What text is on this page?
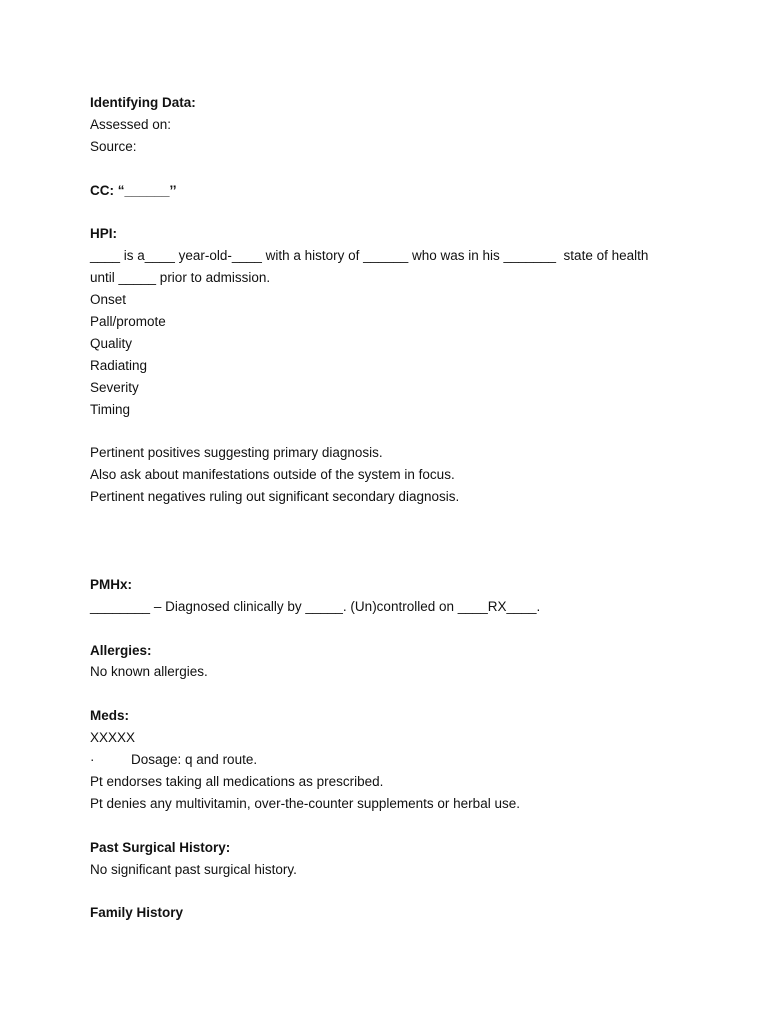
Identifying Data:
Assessed on:
Source:
CC: “______’’
HPI:
____ is a____ year-old-____ with a history of ______ who was in his _______  state of health
until _____ prior to admission.
Onset
Pall/promote
Quality
Radiating
Severity
Timing
Pertinent positives suggesting primary diagnosis.
Also ask about manifestations outside of the system in focus.
Pertinent negatives ruling out significant secondary diagnosis.
PMHx:
________ – Diagnosed clinically by _____. (Un)controlled on ____RX____.
Allergies:
No known allergies.
Meds:
XXXXX
·	Dosage: q and route.
Pt endorses taking all medications as prescribed.
Pt denies any multivitamin, over-the-counter supplements or herbal use.
Past Surgical History:
No significant past surgical history.
Family History
